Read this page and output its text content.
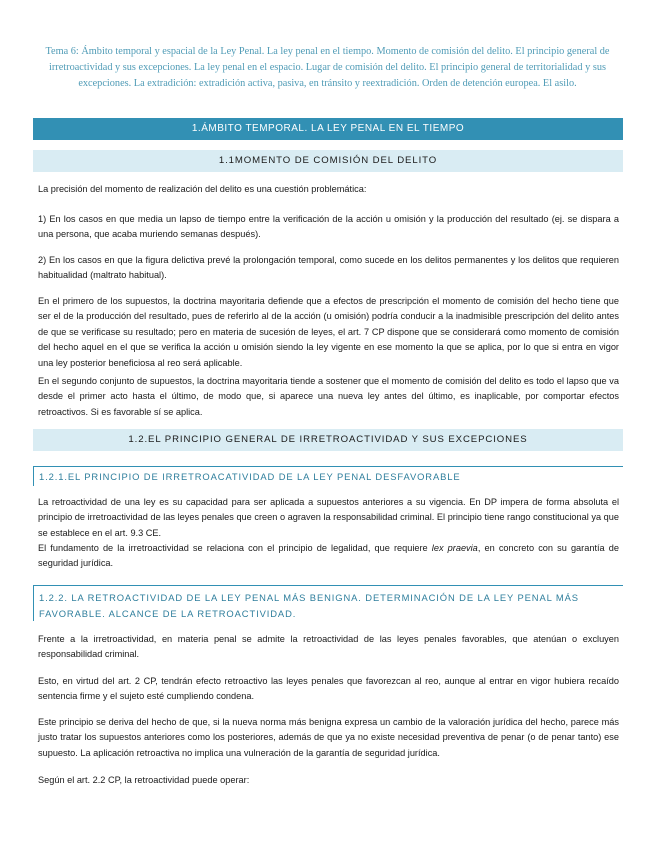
Tema 6: Ámbito temporal y espacial de la Ley Penal. La ley penal en el tiempo. Momento de comisión del delito. El principio general de irretroactividad y sus excepciones. La ley penal en el espacio. Lugar de comisión del delito. El principio general de territorialidad y sus excepciones. La extradición: extradición activa, pasiva, en tránsito y reextradición. Orden de detención europea. El asilo.
1.ÁMBITO TEMPORAL. LA LEY PENAL EN EL TIEMPO
1.1MOMENTO DE COMISIÓN DEL DELITO

La precisión del momento de realización del delito es una cuestión problemática:

1) En los casos en que media un lapso de tiempo entre la verificación de la acción u omisión y la producción del resultado (ej. se dispara a una persona, que acaba muriendo semanas después).

2) En los casos en que la figura delictiva prevé la prolongación temporal, como sucede en los delitos permanentes y los delitos que requieren habitualidad (maltrato habitual).

En el primero de los supuestos, la doctrina mayoritaria defiende que a efectos de prescripción el momento de comisión del hecho tiene que ser el de la producción del resultado, pues de referirlo al de la acción (u omisión) podría conducir a la inadmisible prescripción del delito antes de que se verificase su resultado; pero en materia de sucesión de leyes, el art. 7 CP dispone que se considerará como momento de comisión del hecho aquel en el que se verifica la acción u omisión siendo la ley vigente en ese momento la que se aplica, por lo que si entra en vigor una ley posterior beneficiosa al reo será aplicable.

En el segundo conjunto de supuestos, la doctrina mayoritaria tiende a sostener que el momento de comisión del delito es todo el lapso que va desde el primer acto hasta el último, de modo que, si aparece una nueva ley antes del último, es inaplicable, por comportar efectos retroactivos. Si es favorable sí se aplica.

1.2.EL PRINCIPIO GENERAL DE IRRETROACTIVIDAD Y SUS EXCEPCIONES
1.2.1.EL PRINCIPIO DE IRRETROACATIVIDAD DE LA LEY PENAL DESFAVORABLE

La retroactividad de una ley es su capacidad para ser aplicada a supuestos anteriores a su vigencia. En DP impera de forma absoluta el principio de irretroactividad de las leyes penales que creen o agraven la responsabilidad criminal. El principio tiene rango constitucional ya que se establece en el art. 9.3 CE.

El fundamento de la irretroactividad se relaciona con el principio de legalidad, que requiere lex praevia, en concreto con su garantía de seguridad jurídica.

1.2.2. LA RETROACTIVIDAD DE LA LEY PENAL MÁS BENIGNA. DETERMINACIÓN DE LA LEY PENAL MÁS FAVORABLE. ALCANCE DE LA RETROACTIVIDAD.

Frente a la irretroactividad, en materia penal se admite la retroactividad de las leyes penales favorables, que atenúan o excluyen responsabilidad criminal.

Esto, en virtud del art. 2 CP, tendrán efecto retroactivo las leyes penales que favorezcan al reo, aunque al entrar en vigor hubiera recaído sentencia firme y el sujeto esté cumpliendo condena.

Este principio se deriva del hecho de que, si la nueva norma más benigna expresa un cambio de la valoración jurídica del hecho, parece más justo tratar los supuestos anteriores como los posteriores, además de que ya no existe necesidad preventiva de penar (o de penar tanto) ese supuesto. La aplicación retroactiva no implica una vulneración de la garantía de seguridad jurídica.

Según el art. 2.2 CP, la retroactividad puede operar:
